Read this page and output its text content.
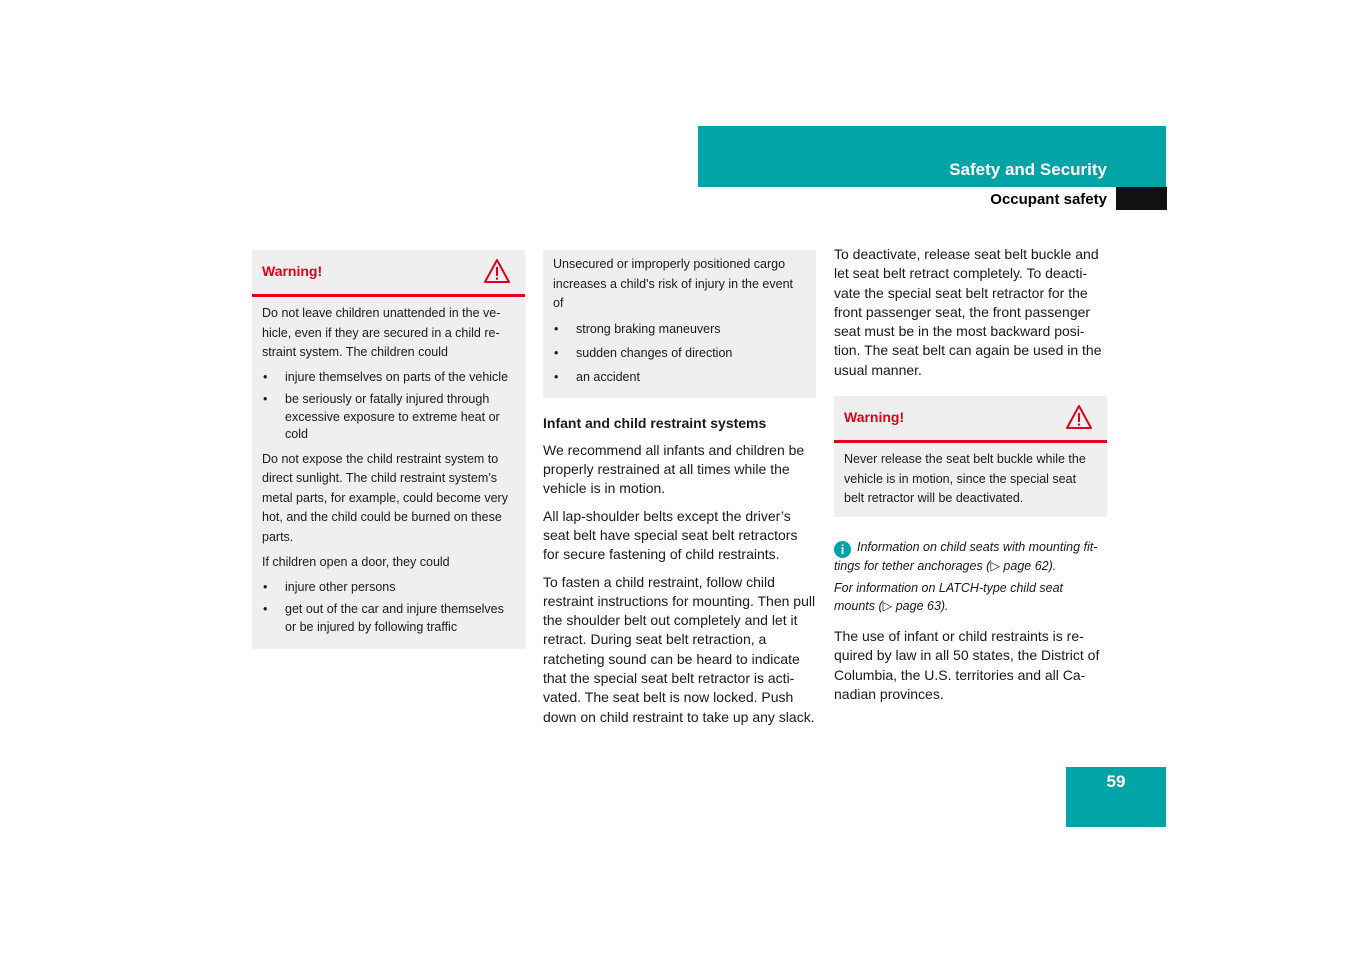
Safety and Security
Occupant safety
Warning!

Do not leave children unattended in the ve-hicle, even if they are secured in a child re-straint system. The children could

• injure themselves on parts of the vehicle
• be seriously or fatally injured through excessive exposure to extreme heat or cold

Do not expose the child restraint system to direct sunlight. The child restraint system’s metal parts, for example, could become very hot, and the child could be burned on these parts.

If children open a door, they could

• injure other persons
• get out of the car and injure themselves or be injured by following traffic

Unsecured or improperly positioned cargo increases a child's risk of injury in the event of

• strong braking maneuvers
• sudden changes of direction
• an accident
Infant and child restraint systems

We recommend all infants and children be properly restrained at all times while the vehicle is in motion.

All lap-shoulder belts except the driver’s seat belt have special seat belt retractors for secure fastening of child restraints.

To fasten a child restraint, follow child restraint instructions for mounting. Then pull the shoulder belt out completely and let it retract. During seat belt retraction, a ratcheting sound can be heard to indicate that the special seat belt retractor is acti-vated. The seat belt is now locked. Push down on child restraint to take up any slack.

To deactivate, release seat belt buckle and let seat belt retract completely. To deacti-vate the special seat belt retractor for the front passenger seat, the front passenger seat must be in the most backward posi-tion. The seat belt can again be used in the usual manner.

Warning!

Never release the seat belt buckle while the vehicle is in motion, since the special seat belt retractor will be deactivated.

i Information on child seats with mounting fit-tings for tether anchorages (▷ page 62).

For information on LATCH-type child seat mounts (▷ page 63).

The use of infant or child restraints is re-quired by law in all 50 states, the District of Columbia, the U.S. territories and all Ca-nadian provinces.

59
